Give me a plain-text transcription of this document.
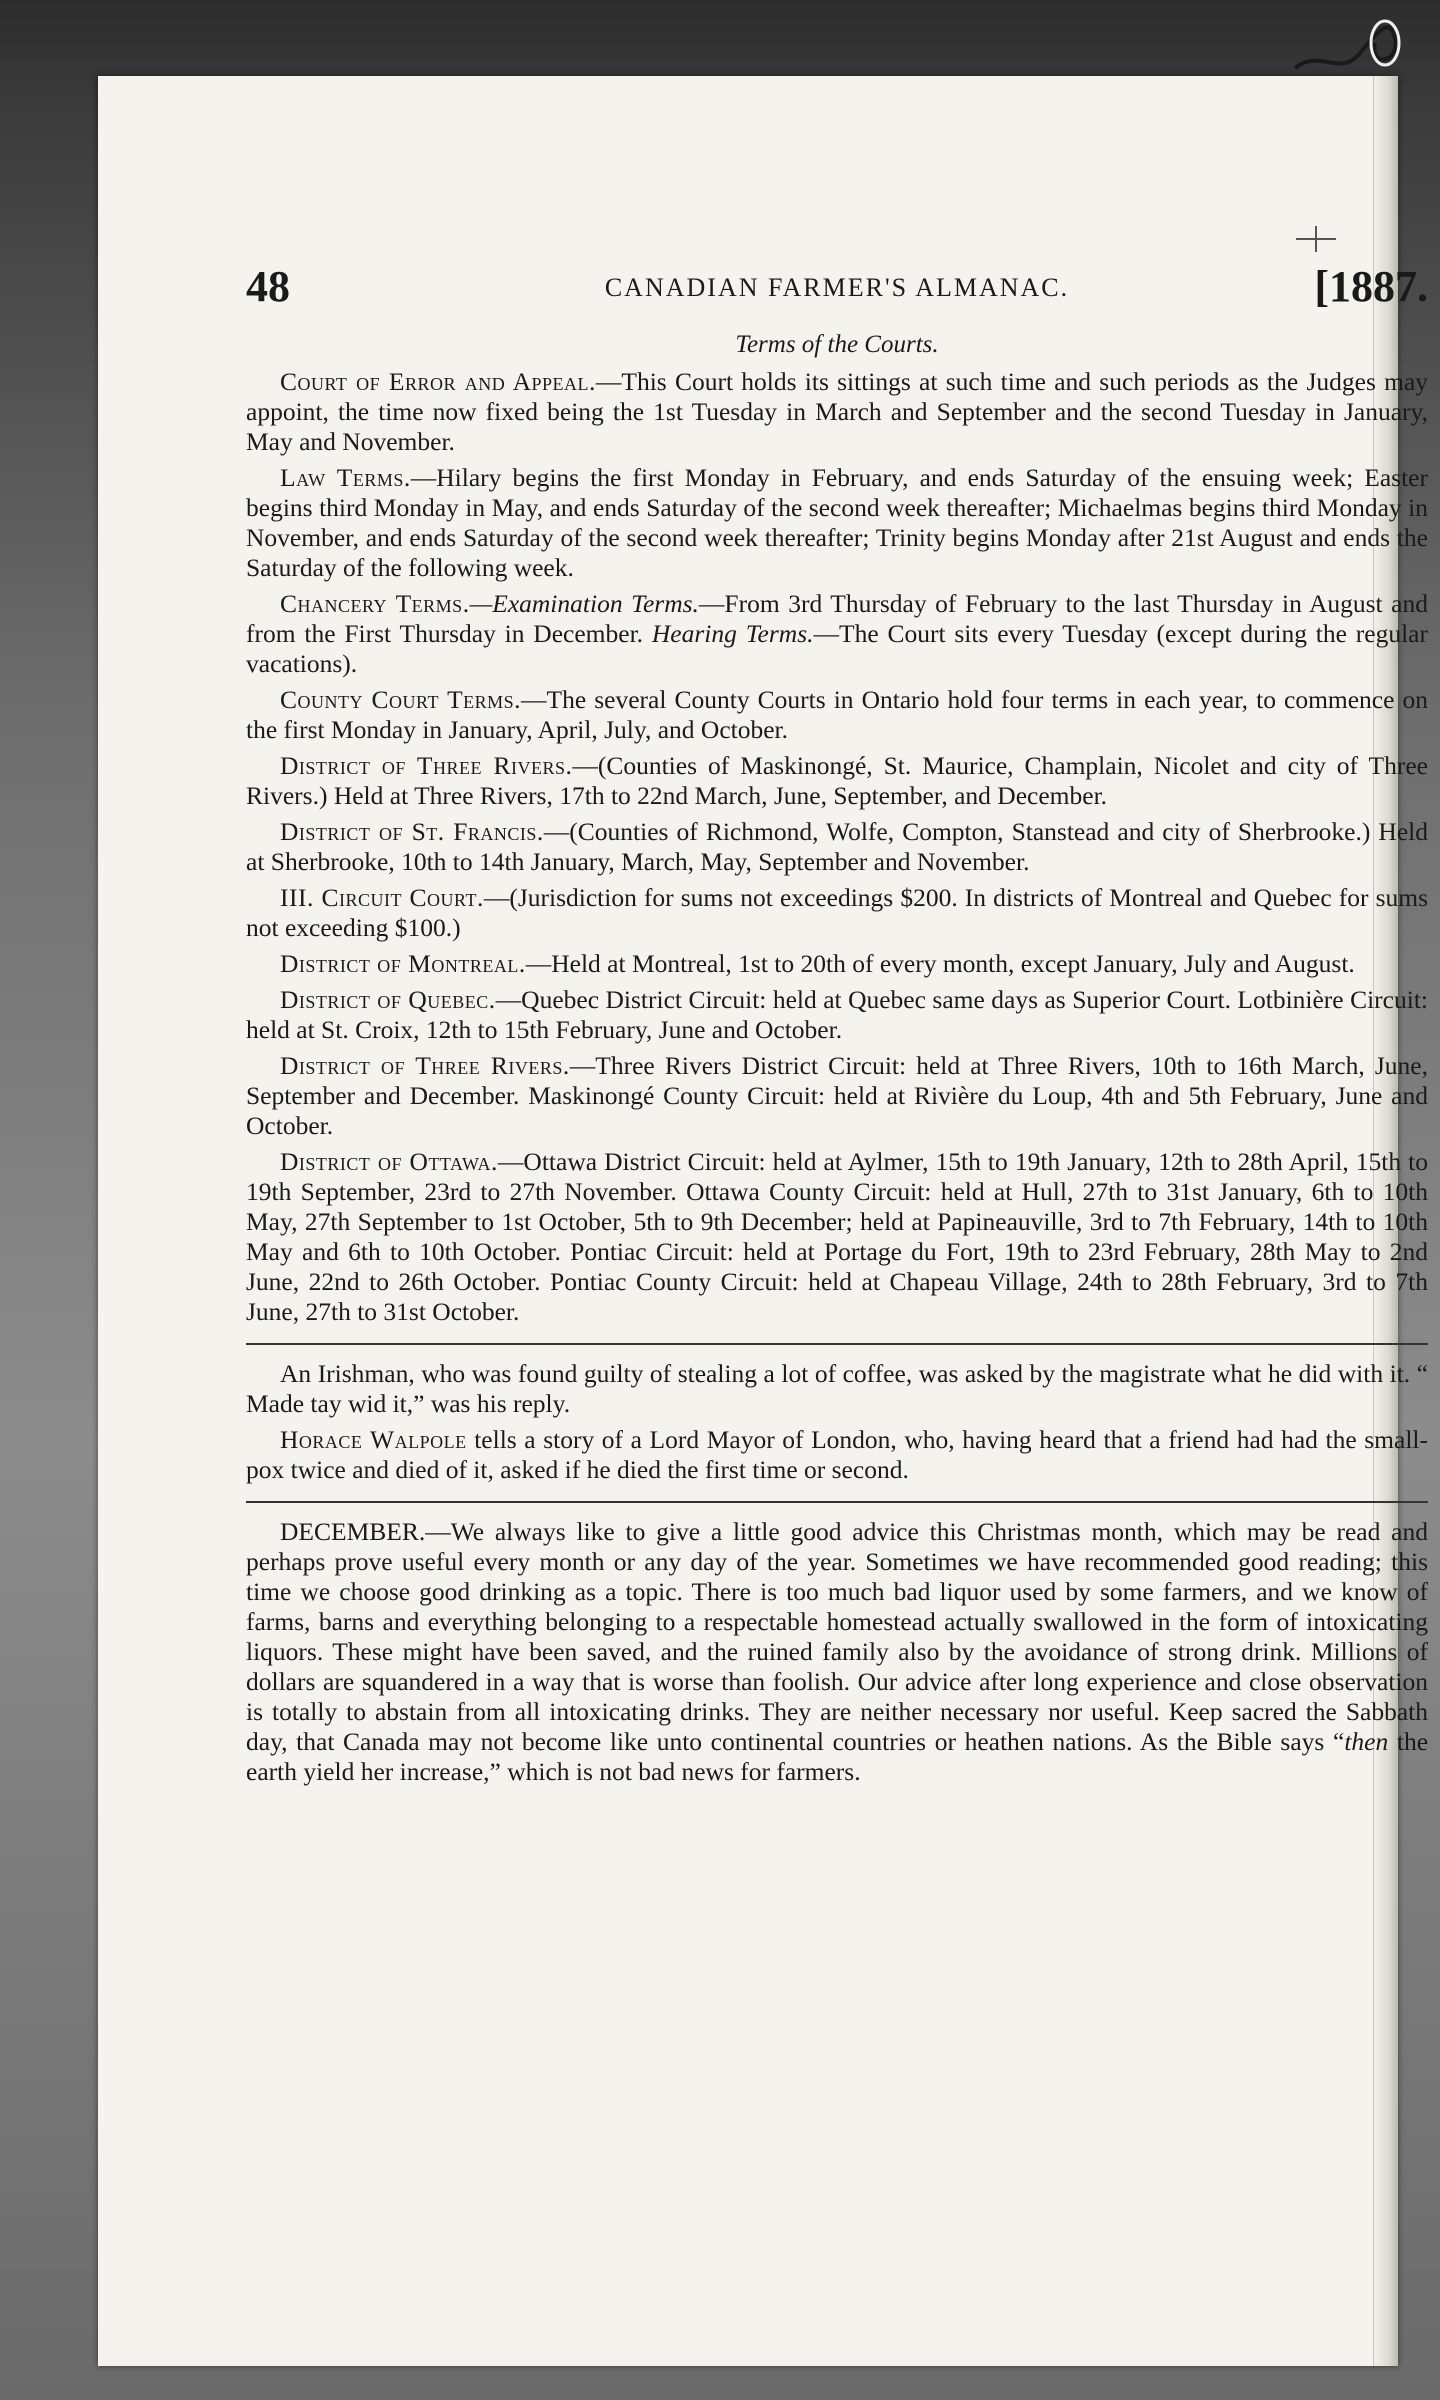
48	CANADIAN FARMER'S ALMANAC.	[1887.
Terms of the Courts.

Court of Error and Appeal.—This Court holds its sittings at such time and such periods as the Judges may appoint, the time now fixed being the 1st Tuesday in March and September and the second Tuesday in January, May and November.

Law Terms.—Hilary begins the first Monday in February, and ends Saturday of the ensuing week; Easter begins third Monday in May, and ends Saturday of the second week thereafter; Michaelmas begins third Monday in November, and ends Saturday of the second week thereafter; Trinity begins Monday after 21st August and ends the Saturday of the following week.

Chancery Terms.—Examination Terms.—From 3rd Thursday of February to the last Thursday in August and from the First Thursday in December. Hearing Terms.—The Court sits every Tuesday (except during the regular vacations).

County Court Terms.—The several County Courts in Ontario hold four terms in each year, to commence on the first Monday in January, April, July, and October.

District of Three Rivers.—(Counties of Maskinongé, St. Maurice, Champlain, Nicolet and city of Three Rivers.) Held at Three Rivers, 17th to 22nd March, June, September, and December.

District of St. Francis.—(Counties of Richmond, Wolfe, Compton, Stanstead and city of Sherbrooke.) Held at Sherbrooke, 10th to 14th January, March, May, September and November.

III. Circuit Court.—(Jurisdiction for sums not exceedings $200. In districts of Montreal and Quebec for sums not exceeding $100.)

District of Montreal.—Held at Montreal, 1st to 20th of every month, except January, July and August.

District of Quebec.—Quebec District Circuit: held at Quebec same days as Superior Court. Lotbinière Circuit: held at St. Croix, 12th to 15th February, June and October.

District of Three Rivers.—Three Rivers District Circuit: held at Three Rivers, 10th to 16th March, June, September and December. Maskinongé County Circuit: held at Rivière du Loup, 4th and 5th February, June and October.

District of Ottawa.—Ottawa District Circuit: held at Aylmer, 15th to 19th January, 12th to 28th April, 15th to 19th September, 23rd to 27th November. Ottawa County Circuit: held at Hull, 27th to 31st January, 6th to 10th May, 27th September to 1st October, 5th to 9th December; held at Papineauville, 3rd to 7th February, 14th to 10th May and 6th to 10th October. Pontiac Circuit: held at Portage du Fort, 19th to 23rd February, 28th May to 2nd June, 22nd to 26th October. Pontiac County Circuit: held at Chapeau Village, 24th to 28th February, 3rd to 7th June, 27th to 31st October.

An Irishman, who was found guilty of stealing a lot of coffee, was asked by the magistrate what he did with it. “ Made tay wid it,” was his reply.

Horace Walpole tells a story of a Lord Mayor of London, who, having heard that a friend had had the small-pox twice and died of it, asked if he died the first time or second.

DECEMBER.—We always like to give a little good advice this Christmas month, which may be read and perhaps prove useful every month or any day of the year. Sometimes we have recommended good reading; this time we choose good drinking as a topic. There is too much bad liquor used by some farmers, and we know of farms, barns and everything belonging to a respectable homestead actually swallowed in the form of intoxicating liquors. These might have been saved, and the ruined family also by the avoidance of strong drink. Millions of dollars are squandered in a way that is worse than foolish. Our advice after long experience and close observation is totally to abstain from all intoxicating drinks. They are neither necessary nor useful. Keep sacred the Sabbath day, that Canada may not become like unto continental countries or heathen nations. As the Bible says “then the earth yield her increase,” which is not bad news for farmers.
